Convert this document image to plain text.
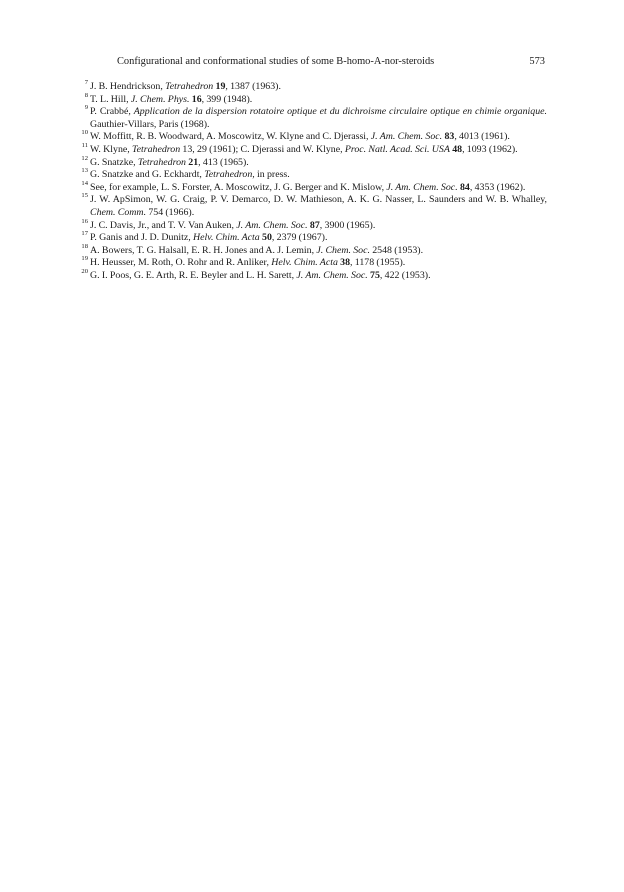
Configurational and conformational studies of some B-homo-A-nor-steroids	573

7 J. B. Hendrickson, Tetrahedron 19, 1387 (1963).

8 T. L. Hill, J. Chem. Phys. 16, 399 (1948).

9 P. Crabbé, Application de la dispersion rotatoire optique et du dichroisme circulaire optique en chimie organique. Gauthier-Villars, Paris (1968).

10 W. Moffitt, R. B. Woodward, A. Moscowitz, W. Klyne and C. Djerassi, J. Am. Chem. Soc. 83, 4013 (1961).

11 W. Klyne, Tetrahedron 13, 29 (1961); C. Djerassi and W. Klyne, Proc. Natl. Acad. Sci. USA 48, 1093 (1962).

12 G. Snatzke, Tetrahedron 21, 413 (1965).

13 G. Snatzke and G. Eckhardt, Tetrahedron, in press.

14 See, for example, L. S. Forster, A. Moscowitz, J. G. Berger and K. Mislow, J. Am. Chem. Soc. 84, 4353 (1962).

15 J. W. ApSimon, W. G. Craig, P. V. Demarco, D. W. Mathieson, A. K. G. Nasser, L. Saunders and W. B. Whalley, Chem. Comm. 754 (1966).

16 J. C. Davis, Jr., and T. V. Van Auken, J. Am. Chem. Soc. 87, 3900 (1965).

17 P. Ganis and J. D. Dunitz, Helv. Chim. Acta 50, 2379 (1967).

18 A. Bowers, T. G. Halsall, E. R. H. Jones and A. J. Lemin, J. Chem. Soc. 2548 (1953).

19 H. Heusser, M. Roth, O. Rohr and R. Anliker, Helv. Chim. Acta 38, 1178 (1955).

20 G. I. Poos, G. E. Arth, R. E. Beyler and L. H. Sarett, J. Am. Chem. Soc. 75, 422 (1953).
